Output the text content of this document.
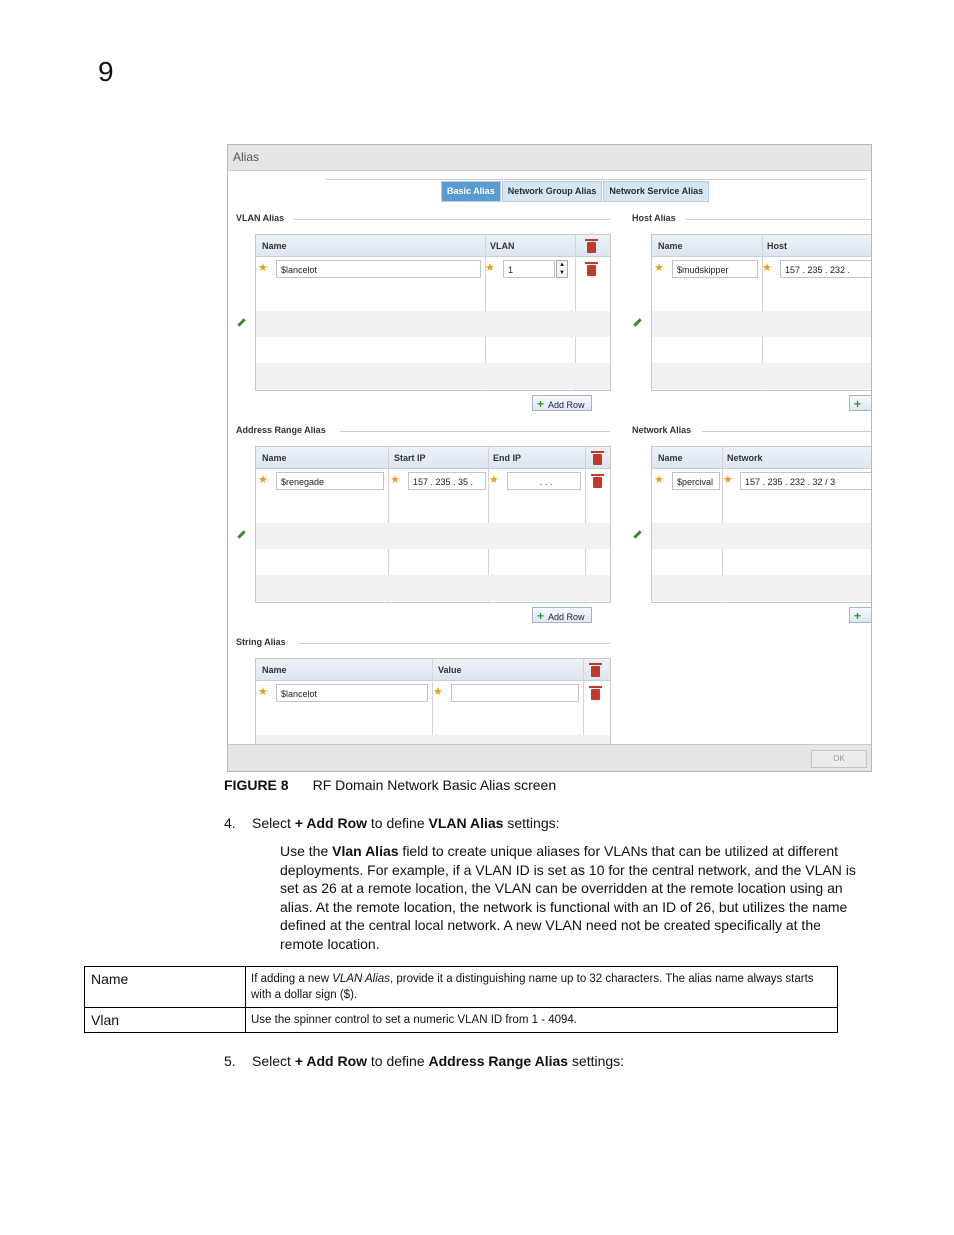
9
Alias
Basic Alias	Network Group Alias	Network Service Alias
VLAN Alias
Name	VLAN
★	$lancelot	★	1	▲
▼
+ Add Row
Host Alias
Name	Host
★	$mudskipper	★	157 . 235 . 232 .
+
Address Range Alias
Name	Start IP	End IP
★	$renegade	★	157 . 235 . 35 .	★	. . .
+ Add Row
Network Alias
Name	Network
★	$percival ★	157 . 235 . 232 . 32 / 3
+
String Alias
Name	Value
★	$lancelot	★
OK
FIGURE 8 RF Domain Network Basic Alias screen
4. Select + Add Row to define VLAN Alias settings:
Use the Vlan Alias field to create unique aliases for VLANs that can be utilized at different deployments. For example, if a VLAN ID is set as 10 for the central network, and the VLAN is set as 26 at a remote location, the VLAN can be overridden at the remote location using an alias. At the remote location, the network is functional with an ID of 26, but utilizes the name defined at the central local network. A new VLAN need not be created specifically at the remote location.
Name	If adding a new VLAN Alias, provide it a distinguishing name up to 32 characters. The alias name always starts with a dollar sign ($).
Vlan	Use the spinner control to set a numeric VLAN ID from 1 - 4094.
5. Select + Add Row to define Address Range Alias settings:
